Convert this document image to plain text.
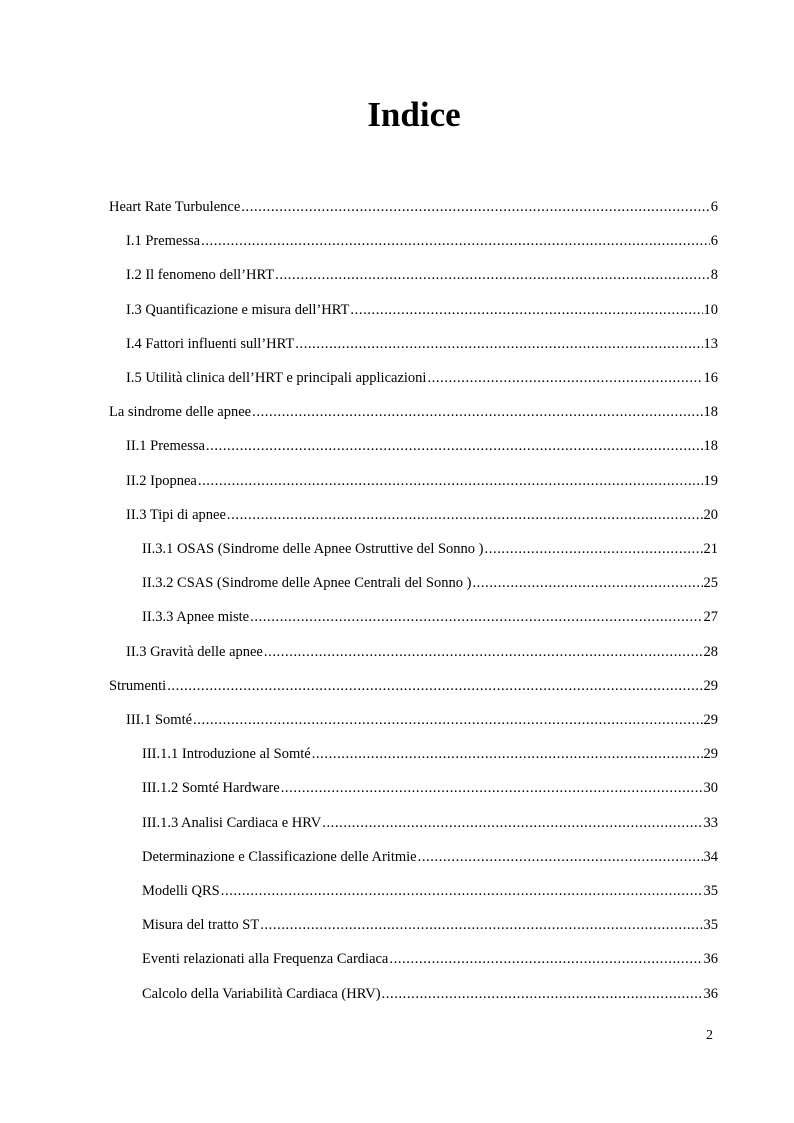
Indice
Heart Rate Turbulence .....	6
I.1 Premessa .....	6
I.2 Il fenomeno dell’HRT .....	8
I.3 Quantificazione e misura dell’HRT .....	10
I.4 Fattori influenti sull’HRT .....	13
I.5 Utilità clinica dell’HRT e principali applicazioni .....	16
La sindrome delle apnee .....	18
II.1 Premessa .....	18
II.2 Ipopnea .....	19
II.3 Tipi di apnee .....	20
II.3.1 OSAS (Sindrome delle Apnee Ostruttive del Sonno ) .....	21
II.3.2 CSAS (Sindrome delle Apnee Centrali del Sonno ) .....	25
II.3.3 Apnee miste .....	27
II.3 Gravità delle apnee .....	28
Strumenti .....	29
III.1 Somté .....	29
III.1.1 Introduzione al Somté .....	29
III.1.2 Somté Hardware .....	30
III.1.3 Analisi Cardiaca e HRV .....	33
Determinazione e Classificazione delle Aritmie .....	34
Modelli QRS .....	35
Misura del tratto ST .....	35
Eventi relazionati alla Frequenza Cardiaca .....	36
Calcolo della Variabilità Cardiaca (HRV) .....	36
2
